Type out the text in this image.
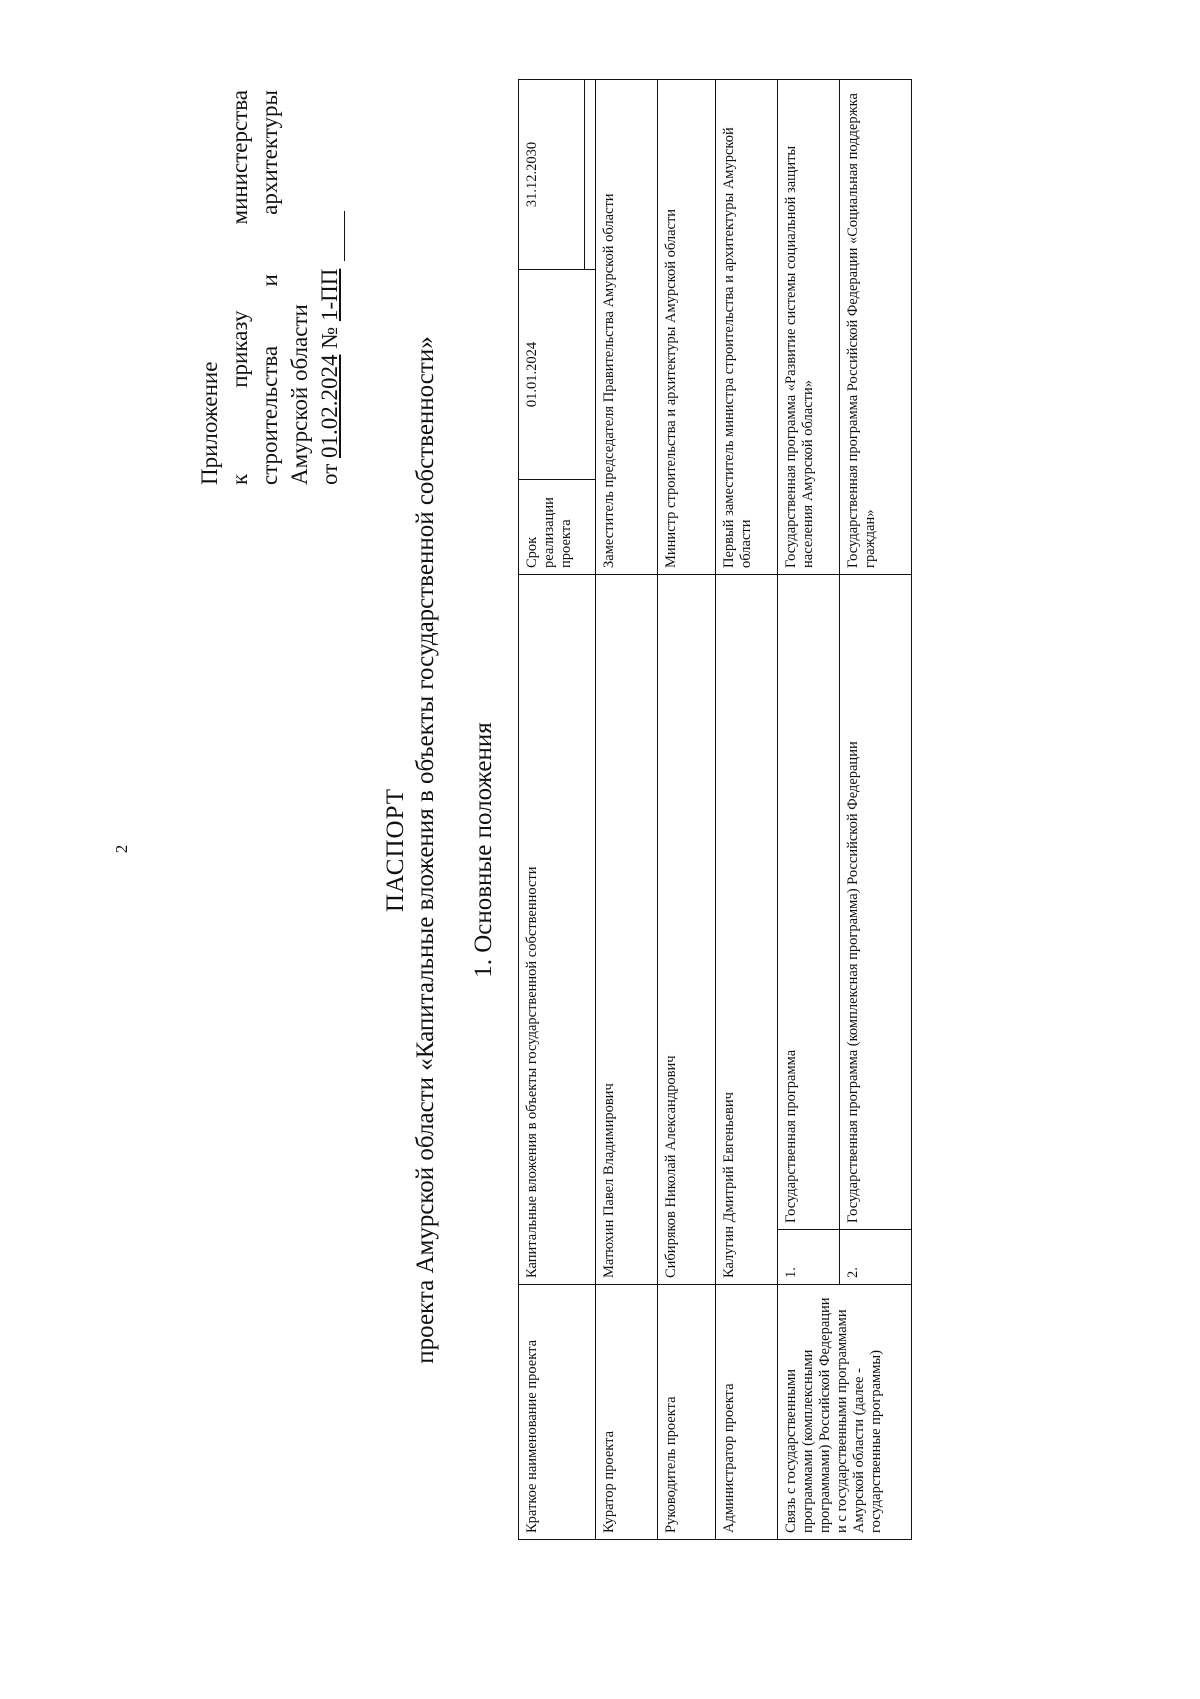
2
Приложение к
приказу
министерства
строительства
и
архитектуры
Амурской области от 01.02.2024 № 1-ПП
ПАСПОРТ проекта Амурской области «Капитальные вложения в объекты государственной собственности» 1. Основные положения
Краткое наименование проекта	Капитальные вложения в объекты государственной собственности		Срок реализации проекта	01.01.2024	31.12.2030

Куратор проекта	Матюхин Павел Владимирович		Заместитель председателя Правительства Амурской области		
Руководитель проекта	Сибиряков Николай Александрович		Министр строительства и архитектуры Амурской области		
Администратор проекта	Калугин Дмитрий Евгеньевич		Первый заместитель министра строительства и архитектуры Амурской области		
Связь с государственными программами (комплексными программами) Российской Федерации и с государственными программами Амурской области (далее - государственные программы)	1.	Государственная программа	Государственная программа «Развитие системы социальной защиты населения Амурской области»		
	2.	Государственная программа (комплексная программа) Российской Федерации	Государственная программа Российской Федерации «Социальная поддержка граждан»		
